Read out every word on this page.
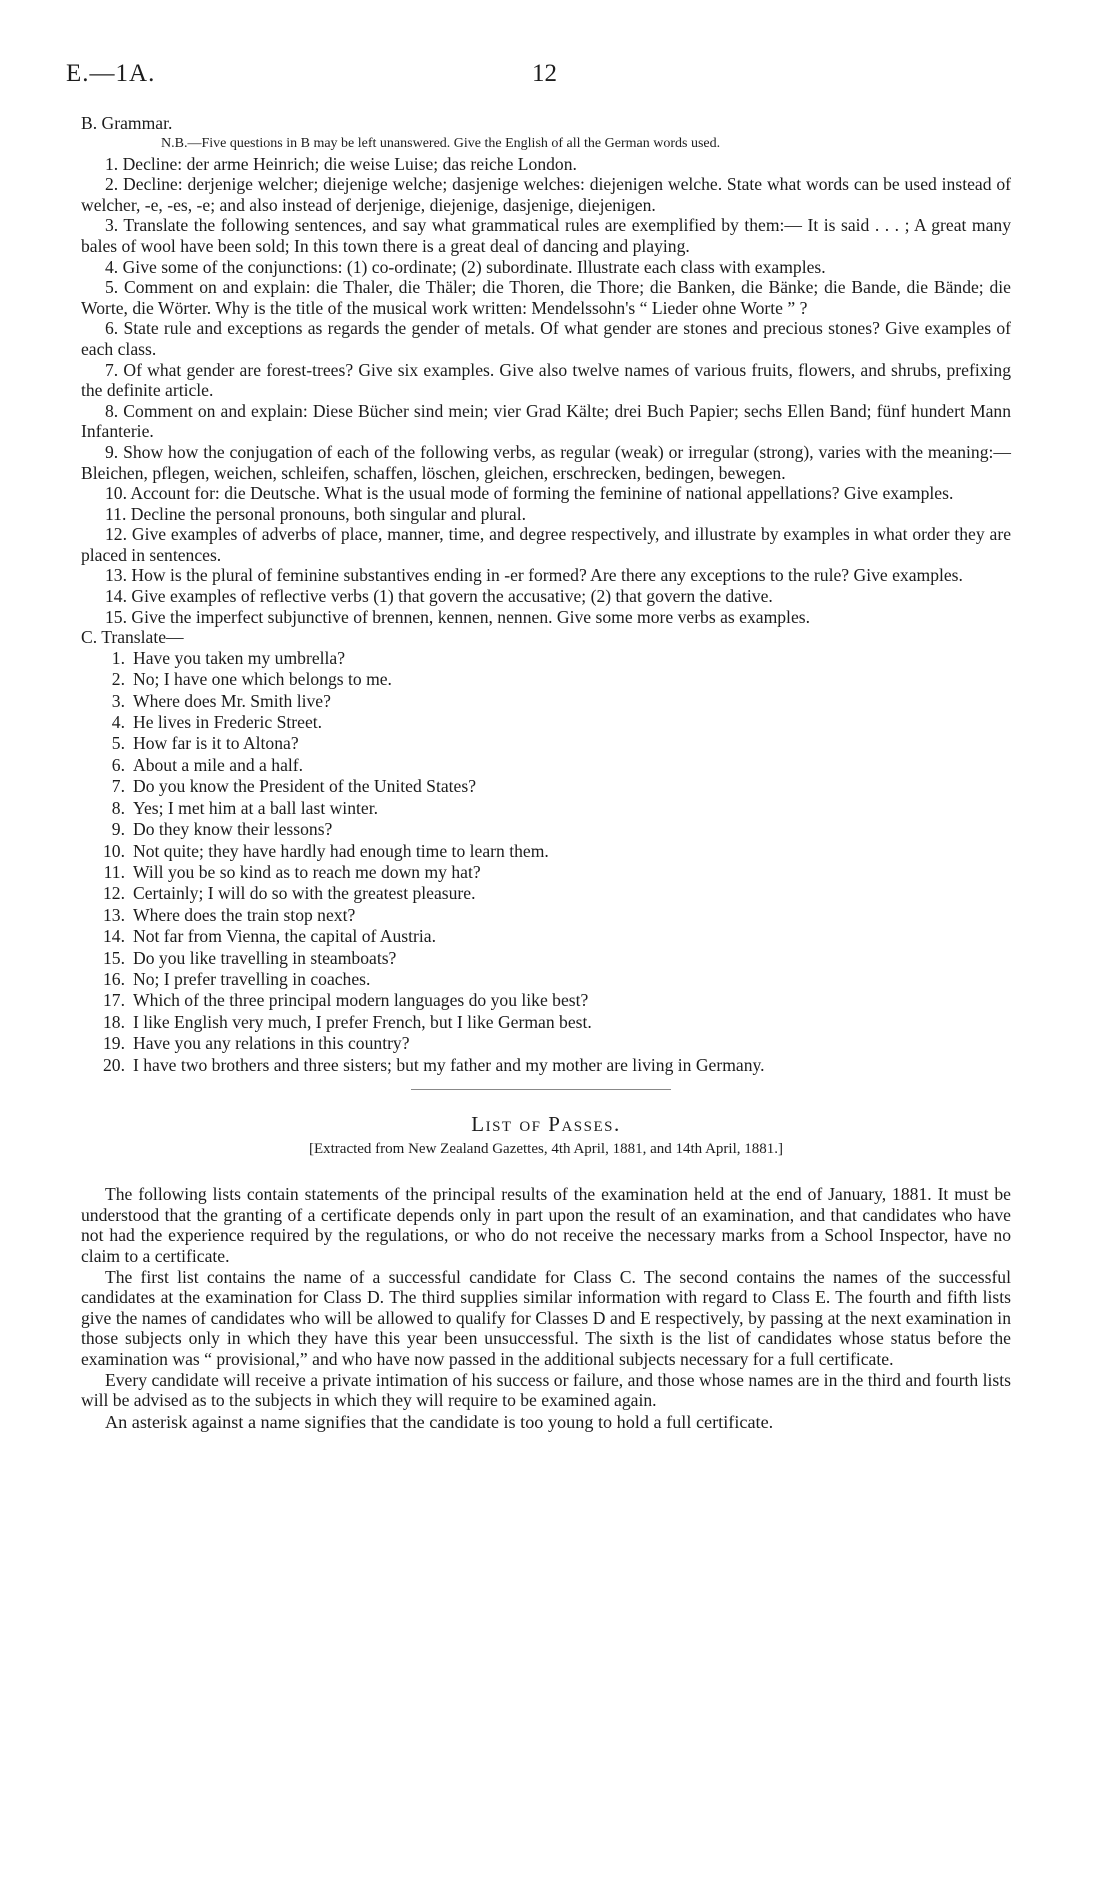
E.—1A.	12

B. Grammar.

N.B.—Five questions in B may be left unanswered. Give the English of all the German words used.

1. Decline: der arme Heinrich; die weise Luise; das reiche London.

2. Decline: derjenige welcher; diejenige welche; dasjenige welches: diejenigen welche. State what words can be used instead of welcher, -e, -es, -e; and also instead of derjenige, diejenige, dasjenige, diejenigen.

3. Translate the following sentences, and say what grammatical rules are exemplified by them:— It is said . . . ; A great many bales of wool have been sold; In this town there is a great deal of dancing and playing.

4. Give some of the conjunctions: (1) co-ordinate; (2) subordinate. Illustrate each class with examples.

5. Comment on and explain: die Thaler, die Thäler; die Thoren, die Thore; die Banken, die Bänke; die Bande, die Bände; die Worte, die Wörter. Why is the title of the musical work written: Mendelssohn's “ Lieder ohne Worte ” ?

6. State rule and exceptions as regards the gender of metals. Of what gender are stones and precious stones? Give examples of each class.

7. Of what gender are forest-trees? Give six examples. Give also twelve names of various fruits, flowers, and shrubs, prefixing the definite article.

8. Comment on and explain: Diese Bücher sind mein; vier Grad Kälte; drei Buch Papier; sechs Ellen Band; fünf hundert Mann Infanterie.

9. Show how the conjugation of each of the following verbs, as regular (weak) or irregular (strong), varies with the meaning:—Bleichen, pflegen, weichen, schleifen, schaffen, löschen, gleichen, erschrecken, bedingen, bewegen.

10. Account for: die Deutsche. What is the usual mode of forming the feminine of national appellations? Give examples.

11. Decline the personal pronouns, both singular and plural.

12. Give examples of adverbs of place, manner, time, and degree respectively, and illustrate by examples in what order they are placed in sentences.

13. How is the plural of feminine substantives ending in -er formed? Are there any exceptions to the rule? Give examples.

14. Give examples of reflective verbs (1) that govern the accusative; (2) that govern the dative.

15. Give the imperfect subjunctive of brennen, kennen, nennen. Give some more verbs as examples.

C. Translate—

1. Have you taken my umbrella?
2. No; I have one which belongs to me.
3. Where does Mr. Smith live?
4. He lives in Frederic Street.
5. How far is it to Altona?
6. About a mile and a half.
7. Do you know the President of the United States?
8. Yes; I met him at a ball last winter.
9. Do they know their lessons?
10. Not quite; they have hardly had enough time to learn them.
11. Will you be so kind as to reach me down my hat?
12. Certainly; I will do so with the greatest pleasure.
13. Where does the train stop next?
14. Not far from Vienna, the capital of Austria.
15. Do you like travelling in steamboats?
16. No; I prefer travelling in coaches.
17. Which of the three principal modern languages do you like best?
18. I like English very much, I prefer French, but I like German best.
19. Have you any relations in this country?
20. I have two brothers and three sisters; but my father and my mother are living in Germany.
List of Passes.
[Extracted from New Zealand Gazettes, 4th April, 1881, and 14th April, 1881.]

The following lists contain statements of the principal results of the examination held at the end of January, 1881. It must be understood that the granting of a certificate depends only in part upon the result of an examination, and that candidates who have not had the experience required by the regulations, or who do not receive the necessary marks from a School Inspector, have no claim to a certificate.

The first list contains the name of a successful candidate for Class C. The second contains the names of the successful candidates at the examination for Class D. The third supplies similar information with regard to Class E. The fourth and fifth lists give the names of candidates who will be allowed to qualify for Classes D and E respectively, by passing at the next examination in those subjects only in which they have this year been unsuccessful. The sixth is the list of candidates whose status before the examination was “ provisional,” and who have now passed in the additional subjects necessary for a full certificate.

Every candidate will receive a private intimation of his success or failure, and those whose names are in the third and fourth lists will be advised as to the subjects in which they will require to be examined again.

An asterisk against a name signifies that the candidate is too young to hold a full certificate.
